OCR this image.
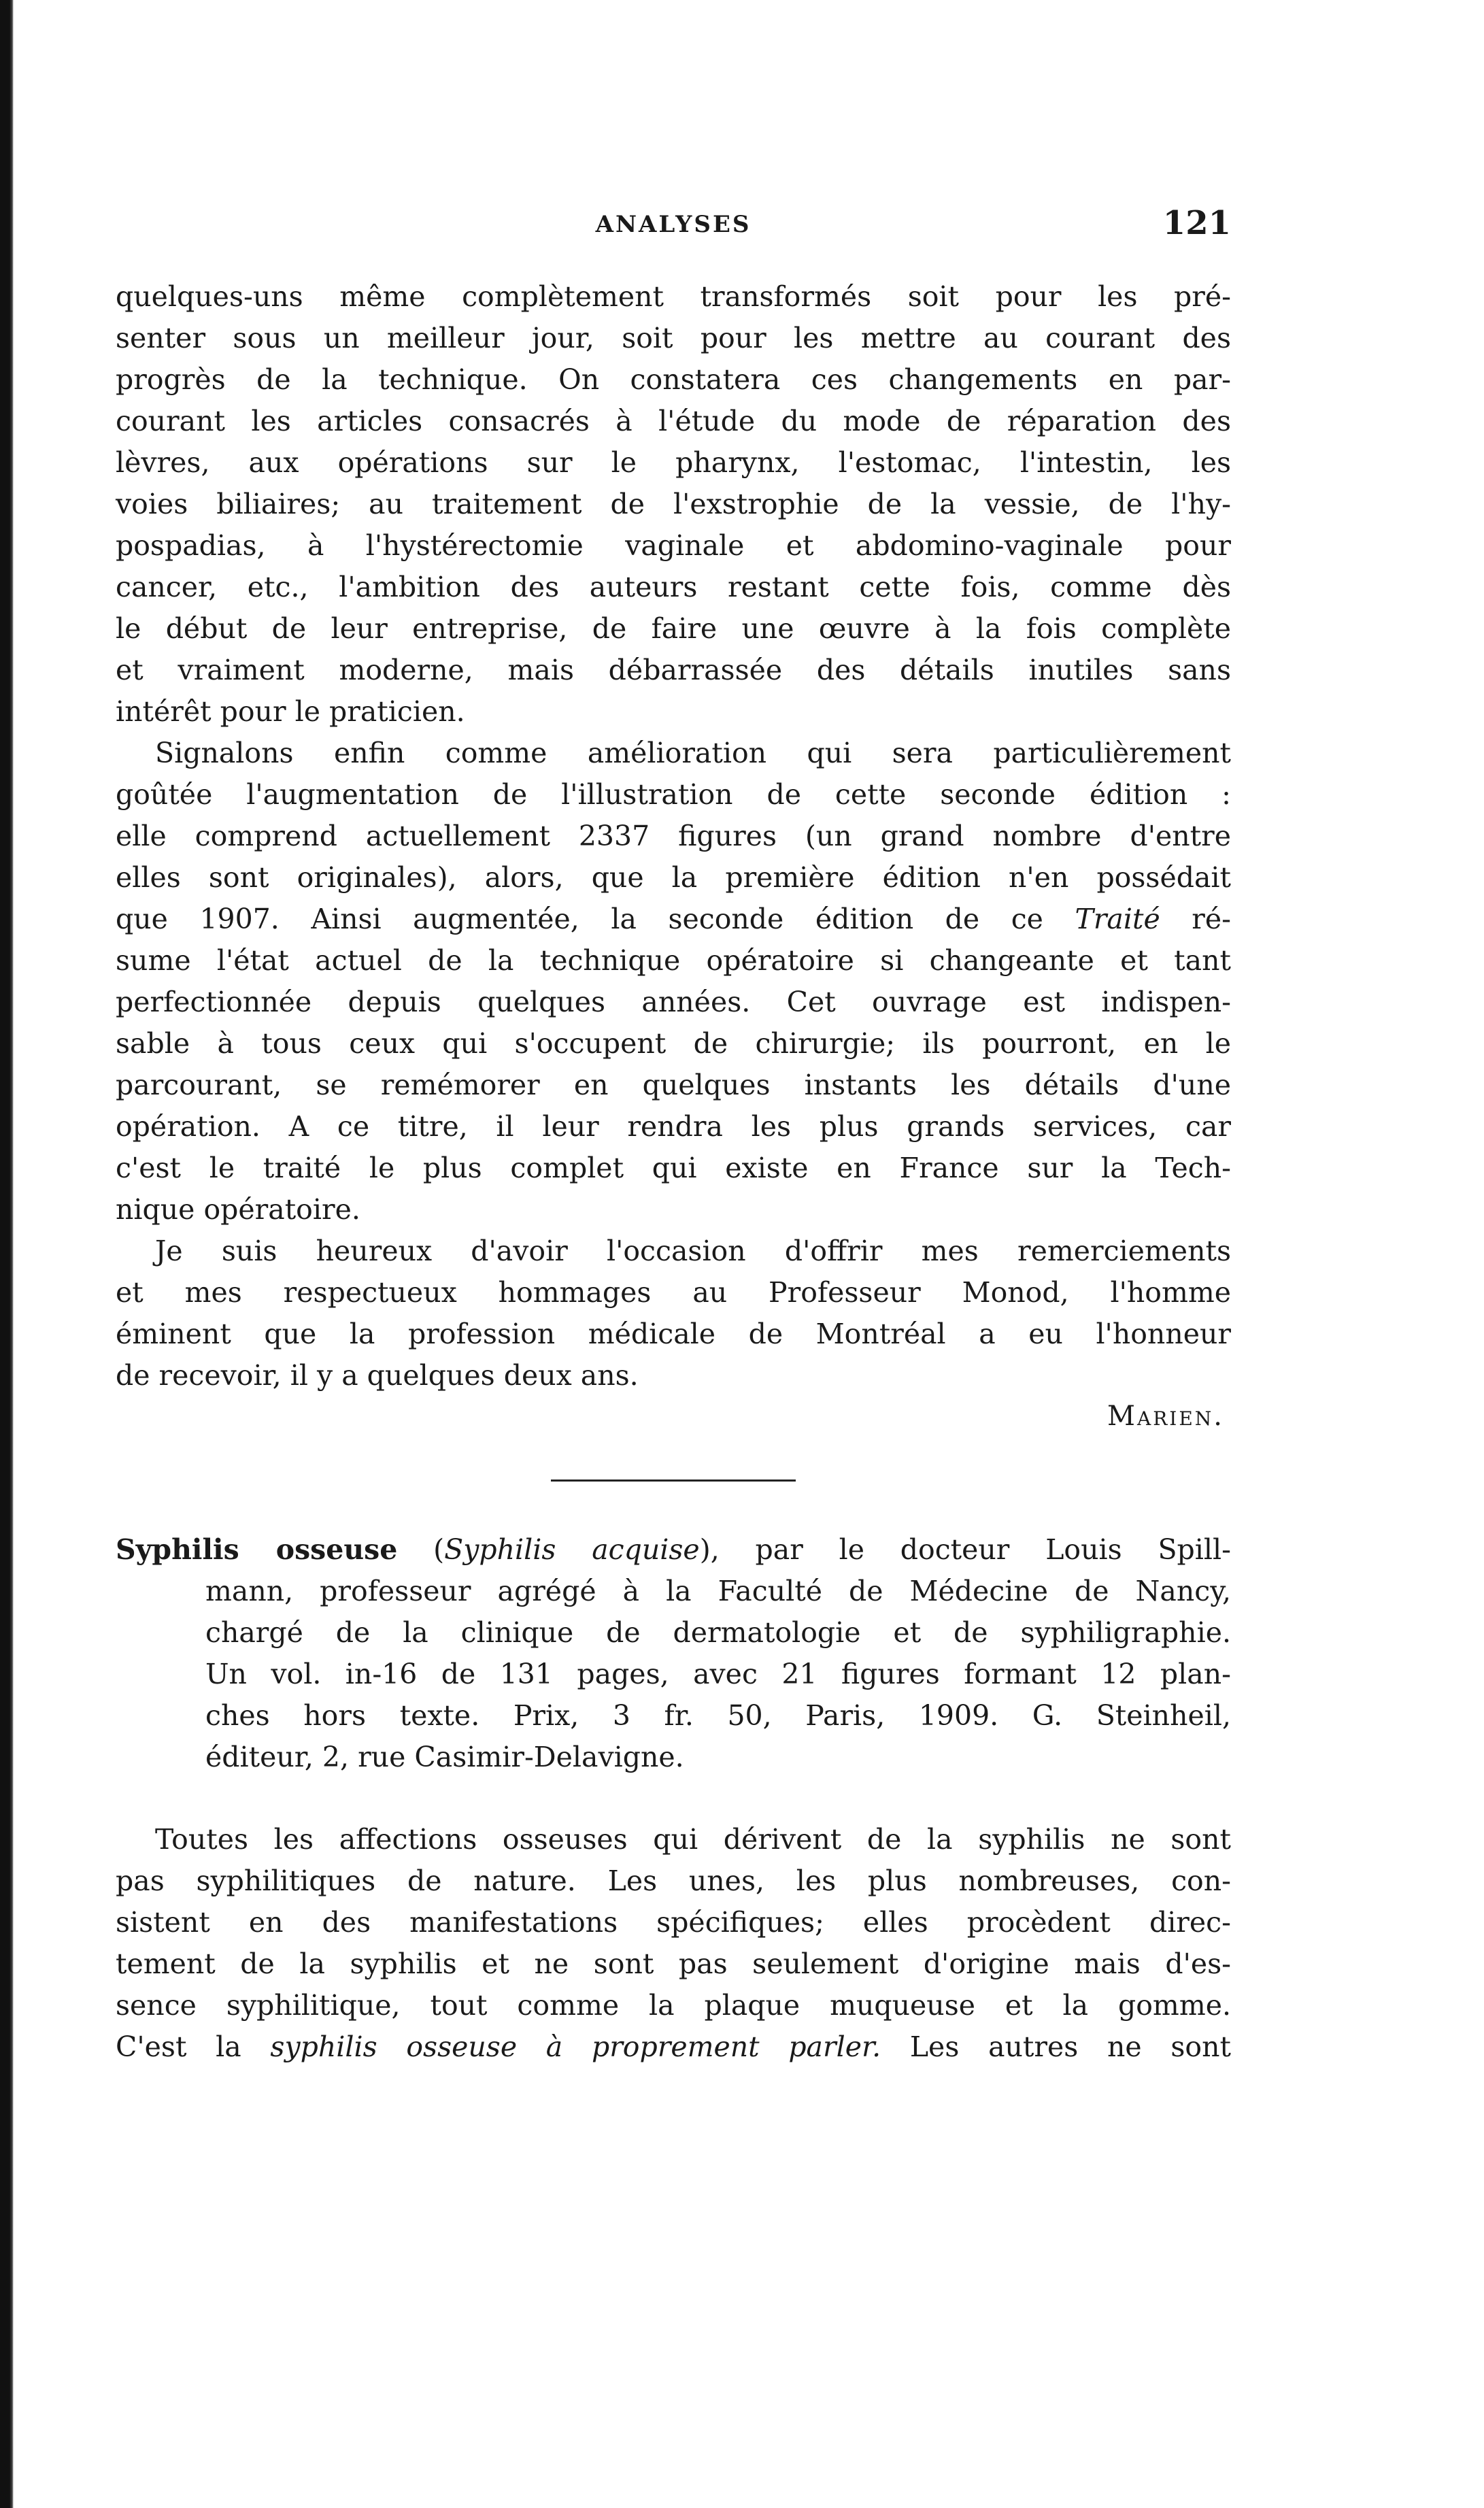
ANALYSES	121
quelques-uns même complètement transformés soit pour les pré-
senter sous un meilleur jour, soit pour les mettre au courant des
progrès de la technique. On constatera ces changements en par-
courant les articles consacrés à l'étude du mode de réparation des
lèvres, aux opérations sur le pharynx, l'estomac, l'intestin, les
voies biliaires; au traitement de l'exstrophie de la vessie, de l'hy-
pospadias, à l'hystérectomie vaginale et abdomino-vaginale pour
cancer, etc., l'ambition des auteurs restant cette fois, comme dès
le début de leur entreprise, de faire une œuvre à la fois complète
et vraiment moderne, mais débarrassée des détails inutiles sans
intérêt pour le praticien.
Signalons enfin comme amélioration qui sera particulièrement
goûtée l'augmentation de l'illustration de cette seconde édition :
elle comprend actuellement 2337 figures (un grand nombre d'entre
elles sont originales), alors, que la première édition n'en possédait
que 1907. Ainsi augmentée, la seconde édition de ce Traité ré-
sume l'état actuel de la technique opératoire si changeante et tant
perfectionnée depuis quelques années. Cet ouvrage est indispen-
sable à tous ceux qui s'occupent de chirurgie; ils pourront, en le
parcourant, se remémorer en quelques instants les détails d'une
opération. A ce titre, il leur rendra les plus grands services, car
c'est le traité le plus complet qui existe en France sur la Tech-
nique opératoire.
Je suis heureux d'avoir l'occasion d'offrir mes remerciements
et mes respectueux hommages au Professeur Monod, l'homme
éminent que la profession médicale de Montréal a eu l'honneur
de recevoir, il y a quelques deux ans.
Marien.
Syphilis osseuse (Syphilis acquise), par le docteur Louis Spill-
mann, professeur agrégé à la Faculté de Médecine de Nancy,
chargé de la clinique de dermatologie et de syphiligraphie.
Un vol. in-16 de 131 pages, avec 21 figures formant 12 plan-
ches hors texte. Prix, 3 fr. 50, Paris, 1909. G. Steinheil,
éditeur, 2, rue Casimir-Delavigne.
Toutes les affections osseuses qui dérivent de la syphilis ne sont
pas syphilitiques de nature. Les unes, les plus nombreuses, con-
sistent en des manifestations spécifiques; elles procèdent direc-
tement de la syphilis et ne sont pas seulement d'origine mais d'es-
sence syphilitique, tout comme la plaque muqueuse et la gomme.
C'est la syphilis osseuse à proprement parler. Les autres ne sont
